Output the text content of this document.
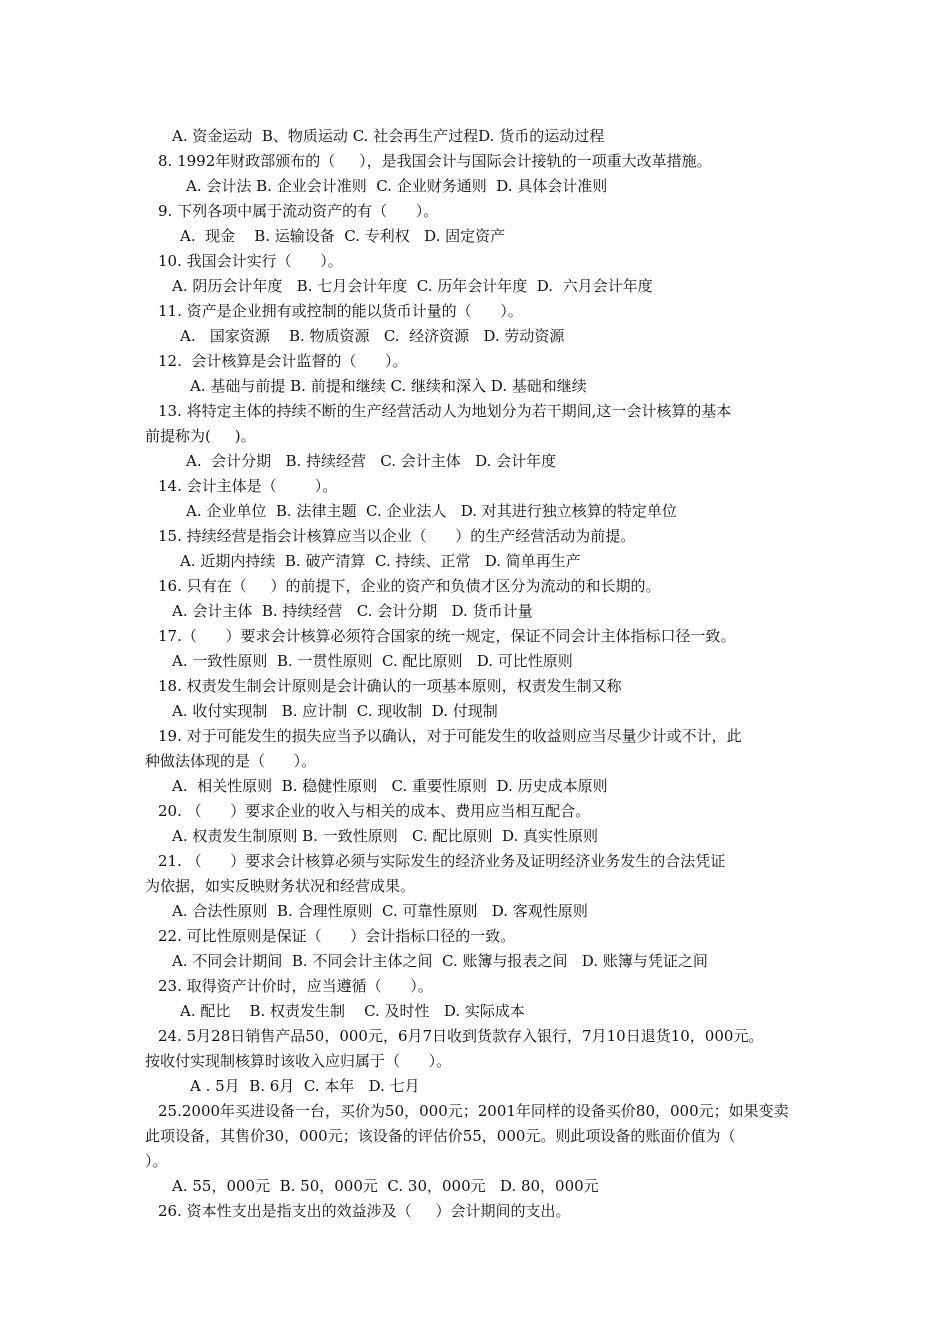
A. 资金运动  B、物质运动 C. 社会再生产过程D. 货币的运动过程

8. 1992年财政部颁布的（     ），是我国会计与国际会计接轨的一项重大改革措施。

A. 会计法 B. 企业会计准则  C. 企业财务通则  D. 具体会计准则

9. 下列各项中属于流动资产的有（      ）。

A.  现金    B. 运输设备  C. 专利权   D. 固定资产

10. 我国会计实行（      ）。

A. 阴历会计年度   B. 七月会计年度  C. 历年会计年度  D.  六月会计年度

11. 资产是企业拥有或控制的能以货币计量的（      ）。

A.   国家资源    B. 物质资源   C.  经济资源   D. 劳动资源

12.  会计核算是会计监督的（      ）。

A. 基础与前提 B. 前提和继续 C. 继续和深入 D. 基础和继续

13. 将特定主体的持续不断的生产经营活动人为地划分为若干期间,这一会计核算的基本

前提称为(     )。

A.  会计分期   B. 持续经营   C. 会计主体   D. 会计年度

14. 会计主体是（        ）。

A. 企业单位  B. 法律主题  C. 企业法人   D. 对其进行独立核算的特定单位

15. 持续经营是指会计核算应当以企业（      ）的生产经营活动为前提。

A. 近期内持续  B. 破产清算  C. 持续、正常   D. 简单再生产

16. 只有在（     ）的前提下，企业的资产和负债才区分为流动的和长期的。

A. 会计主体  B. 持续经营   C. 会计分期   D. 货币计量

17.（      ）要求会计核算必须符合国家的统一规定，保证不同会计主体指标口径一致。

A. 一致性原则  B. 一贯性原则  C. 配比原则   D. 可比性原则

18. 权责发生制会计原则是会计确认的一项基本原则，权责发生制又称

A. 收付实现制   B. 应计制  C. 现收制  D. 付现制

19. 对于可能发生的损失应当予以确认，对于可能发生的收益则应当尽量少计或不计，此

种做法体现的是（      ）。

A.  相关性原则  B. 稳健性原则   C. 重要性原则  D. 历史成本原则

20. （      ）要求企业的收入与相关的成本、费用应当相互配合。

A. 权责发生制原则 B. 一致性原则   C. 配比原则  D. 真实性原则

21. （      ）要求会计核算必须与实际发生的经济业务及证明经济业务发生的合法凭证

为依据，如实反映财务状况和经营成果。

A. 合法性原则  B. 合理性原则  C. 可靠性原则   D. 客观性原则

22. 可比性原则是保证（      ）会计指标口径的一致。

A. 不同会计期间  B. 不同会计主体之间  C. 账簿与报表之间   D. 账簿与凭证之间

23. 取得资产计价时，应当遵循（      ）。

A. 配比    B. 权责发生制    C. 及时性   D. 实际成本

24. 5月28日销售产品50，000元，6月7日收到货款存入银行，7月10日退货10，000元。

按收付实现制核算时该收入应归属于（      ）。

A . 5月  B. 6月  C. 本年   D. 七月

25.2000年买进设备一台，买价为50，000元；2001年同样的设备买价80，000元；如果变卖

此项设备，其售价30，000元；该设备的评估价55，000元。则此项设备的账面价值为（

）。

A. 55，000元  B. 50，000元  C. 30，000元   D. 80，000元

26. 资本性支出是指支出的效益涉及（     ）会计期间的支出。
